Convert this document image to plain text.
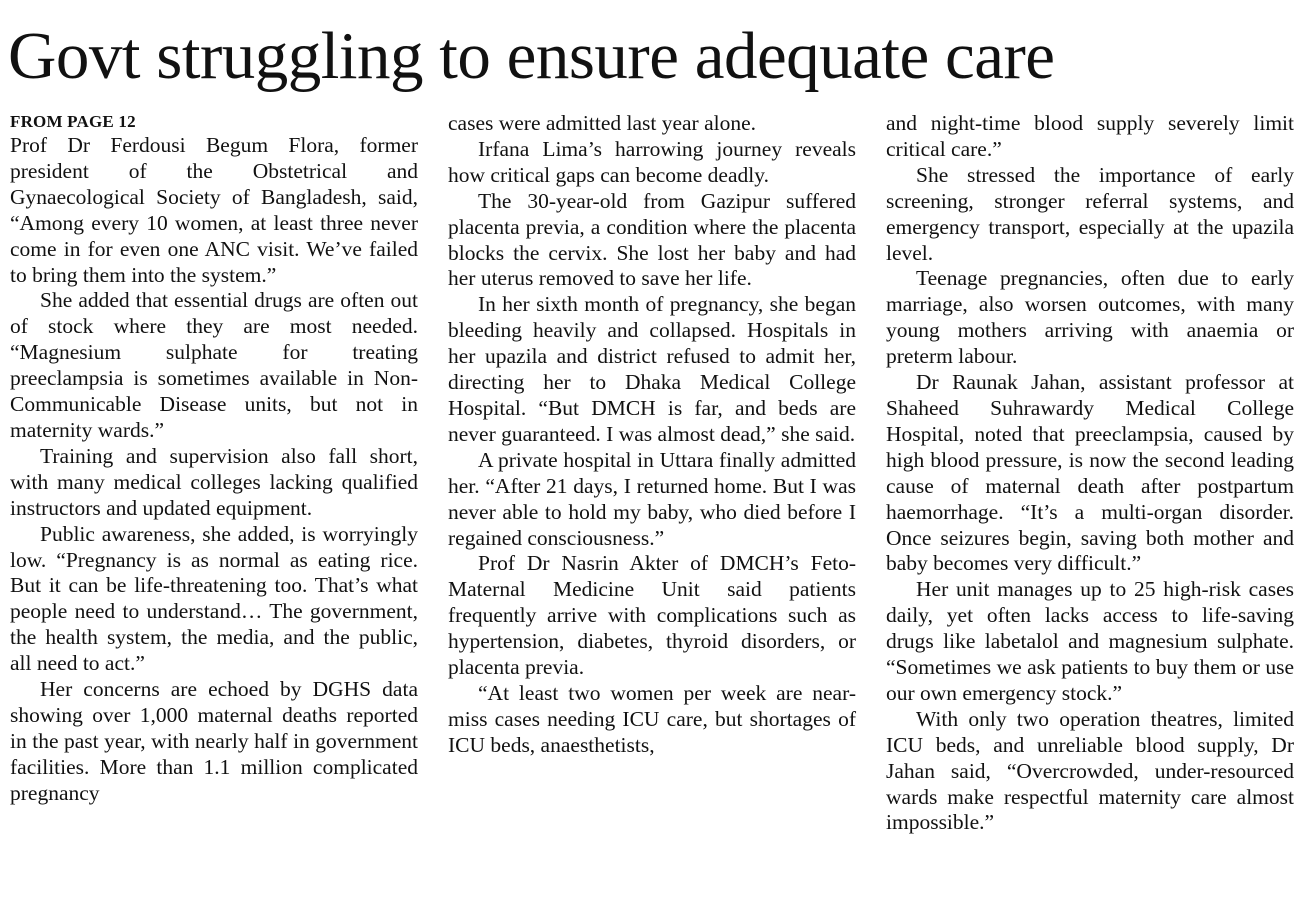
Govt struggling to ensure adequate care
FROM PAGE 12

Prof Dr Ferdousi Begum Flora, former president of the Obstetrical and Gynaecological Society of Bangladesh, said, “Among every 10 women, at least three never come in for even one ANC visit. We’ve failed to bring them into the system.”

She added that essential drugs are often out of stock where they are most needed. “Magnesium sulphate for treating preeclampsia is sometimes available in Non-Communicable Disease units, but not in maternity wards.”

Training and supervision also fall short, with many medical colleges lacking qualified instructors and updated equipment.

Public awareness, she added, is worryingly low. “Pregnancy is as normal as eating rice. But it can be life-threatening too. That’s what people need to understand… The government, the health system, the media, and the public, all need to act.”

Her concerns are echoed by DGHS data showing over 1,000 maternal deaths reported in the past year, with nearly half in government facilities. More than 1.1 million complicated pregnancy

cases were admitted last year alone.

Irfana Lima’s harrowing journey reveals how critical gaps can become deadly.

The 30-year-old from Gazipur suffered placenta previa, a condition where the placenta blocks the cervix. She lost her baby and had her uterus removed to save her life.

In her sixth month of pregnancy, she began bleeding heavily and collapsed. Hospitals in her upazila and district refused to admit her, directing her to Dhaka Medical College Hospital. “But DMCH is far, and beds are never guaranteed. I was almost dead,” she said.

A private hospital in Uttara finally admitted her. “After 21 days, I returned home. But I was never able to hold my baby, who died before I regained consciousness.”

Prof Dr Nasrin Akter of DMCH’s Feto-Maternal Medicine Unit said patients frequently arrive with complications such as hypertension, diabetes, thyroid disorders, or placenta previa.

“At least two women per week are near-miss cases needing ICU care, but shortages of ICU beds, anaesthetists,

and night-time blood supply severely limit critical care.”

She stressed the importance of early screening, stronger referral systems, and emergency transport, especially at the upazila level.

Teenage pregnancies, often due to early marriage, also worsen outcomes, with many young mothers arriving with anaemia or preterm labour.

Dr Raunak Jahan, assistant professor at Shaheed Suhrawardy Medical College Hospital, noted that preeclampsia, caused by high blood pressure, is now the second leading cause of maternal death after postpartum haemorrhage. “It’s a multi-organ disorder. Once seizures begin, saving both mother and baby becomes very difficult.”

Her unit manages up to 25 high-risk cases daily, yet often lacks access to life-saving drugs like labetalol and magnesium sulphate. “Sometimes we ask patients to buy them or use our own emergency stock.”

With only two operation theatres, limited ICU beds, and unreliable blood supply, Dr Jahan said, “Overcrowded, under-resourced wards make respectful maternity care almost impossible.”
